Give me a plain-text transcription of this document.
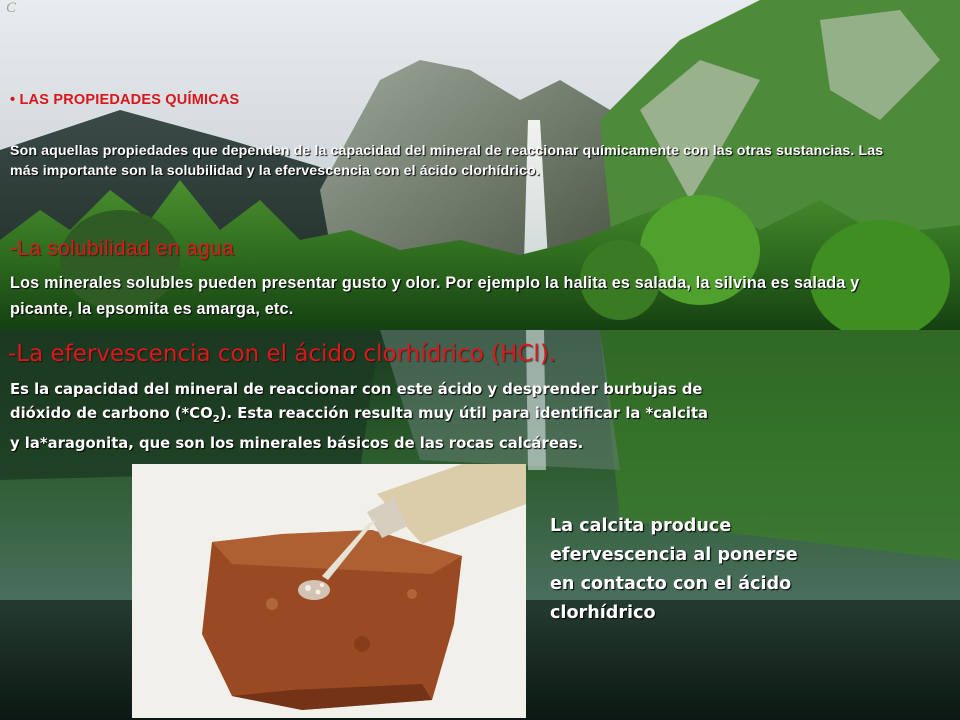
C
• LAS PROPIEDADES QUÍMICAS
Son aquellas propiedades que dependen de la capacidad del mineral de reaccionar químicamente con las otras sustancias. Las más importante son la solubilidad y la efervescencia con el ácido clorhídrico.
-La solubilidad en agua
Los minerales solubles pueden presentar gusto y olor. Por ejemplo la halita es salada, la silvina es salada y picante, la epsomita es amarga, etc.
-La efervescencia con el ácido clorhídrico (HCl).
Es la capacidad del mineral de reaccionar con este ácido y desprender burbujas de dióxido de carbono $(*CO_2)$. Esta reacción resulta muy útil para identificar la *calcita y la*aragonita, que son los minerales básicos de las rocas calcáreas.
La calcita produce efervescencia al ponerse en contacto con el ácido clorhídrico
